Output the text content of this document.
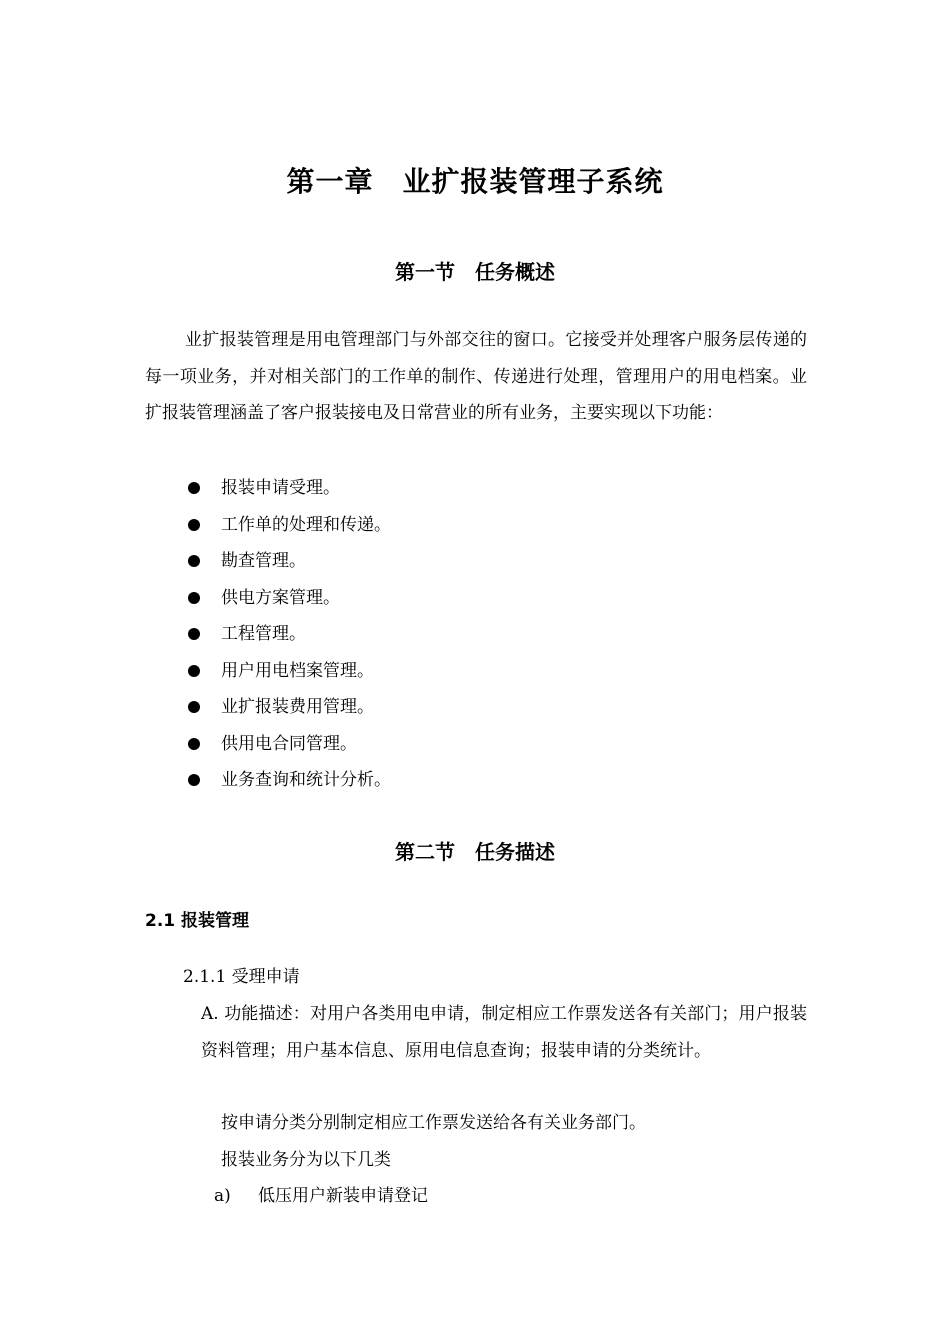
第一章　业扩报装管理子系统
第一节　任务概述
业扩报装管理是用电管理部门与外部交往的窗口。它接受并处理客户服务层传递的每一项业务，并对相关部门的工作单的制作、传递进行处理，管理用户的用电档案。业扩报装管理涵盖了客户报装接电及日常营业的所有业务，主要实现以下功能：
报装申请受理。
工作单的处理和传递。
勘查管理。
供电方案管理。
工程管理。
用户用电档案管理。
业扩报装费用管理。
供用电合同管理。
业务查询和统计分析。
第二节　任务描述
2.1 报装管理
2.1.1 受理申请
A. 功能描述：对用户各类用电申请，制定相应工作票发送各有关部门；用户报装资料管理；用户基本信息、原用电信息查询；报装申请的分类统计。
按申请分类分别制定相应工作票发送给各有关业务部门。
报装业务分为以下几类
a) 低压用户新装申请登记
